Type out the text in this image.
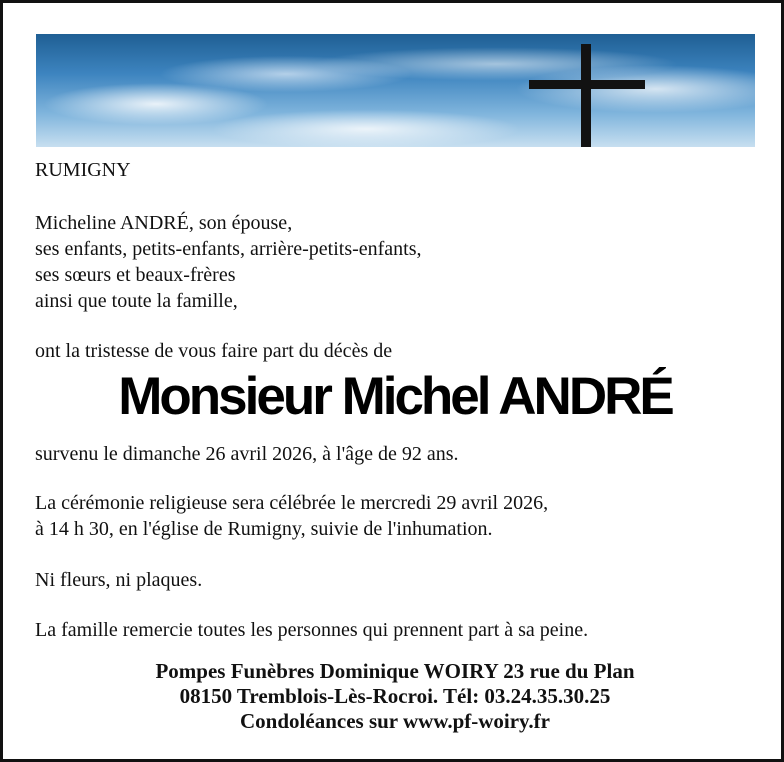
RUMIGNY

Micheline ANDRÉ, son épouse,

ses enfants, petits-enfants, arrière-petits-enfants,

ses sœurs et beaux-frères

ainsi que toute la famille,

ont la tristesse de vous faire part du décès de

Monsieur Michel ANDRÉ

survenu le dimanche 26 avril 2026, à l'âge de 92 ans.

La cérémonie religieuse sera célébrée le mercredi 29 avril 2026,

à 14 h 30, en l'église de Rumigny, suivie de l'inhumation.

Ni fleurs, ni plaques.

La famille remercie toutes les personnes qui prennent part à sa peine.

Pompes Funèbres Dominique WOIRY 23 rue du Plan
08150 Tremblois-Lès-Rocroi. Tél: 03.24.35.30.25
Condoléances sur www.pf-woiry.fr
